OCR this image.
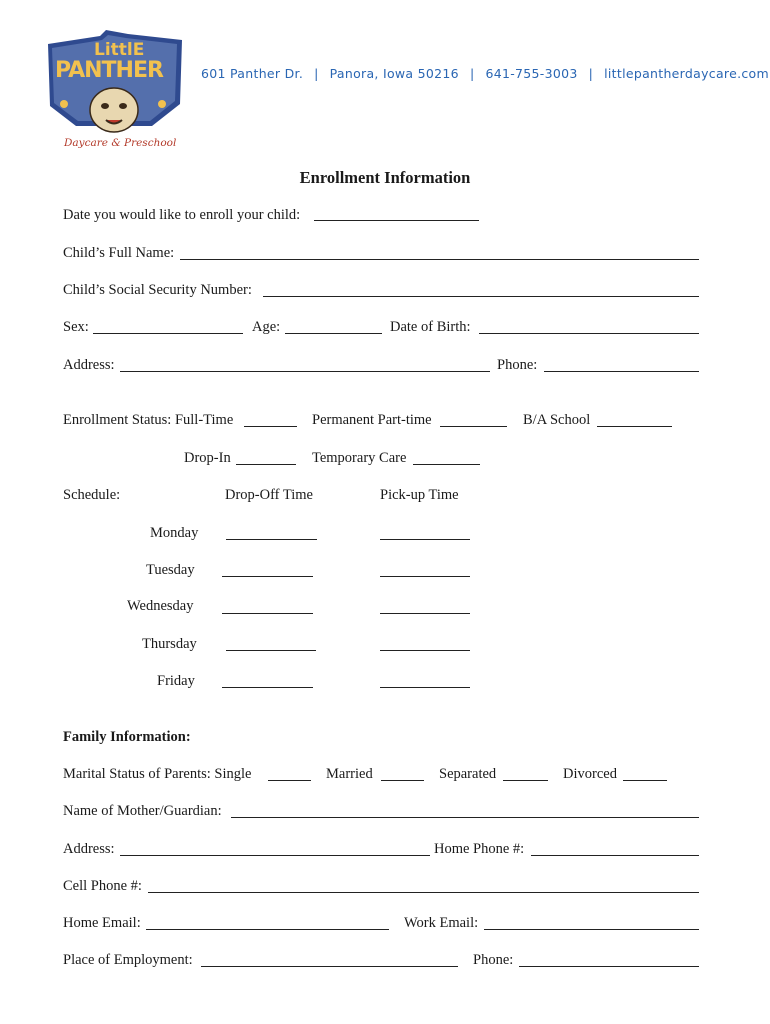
LittlE
PANTHER
Daycare & Preschool
601 Panther Dr. | Panora, Iowa 50216 | 641-755-3003 | littlepantherdaycare.com
Enrollment Information
Date you would like to enroll your child:
Child’s Full Name:
Child’s Social Security Number:
Sex:	Age:	Date of Birth:
Address:	Phone:
Enrollment Status: Full-Time	Permanent Part-time	B/A School
Drop-In	Temporary Care
Schedule:	Drop-Off Time	Pick-up Time
Monday
Tuesday
Wednesday
Thursday
Friday
Family Information:
Marital Status of Parents: Single	Married	Separated	Divorced
Name of Mother/Guardian:
Address:	Home Phone #:
Cell Phone #:
Home Email:	Work Email:
Place of Employment:	Phone:
